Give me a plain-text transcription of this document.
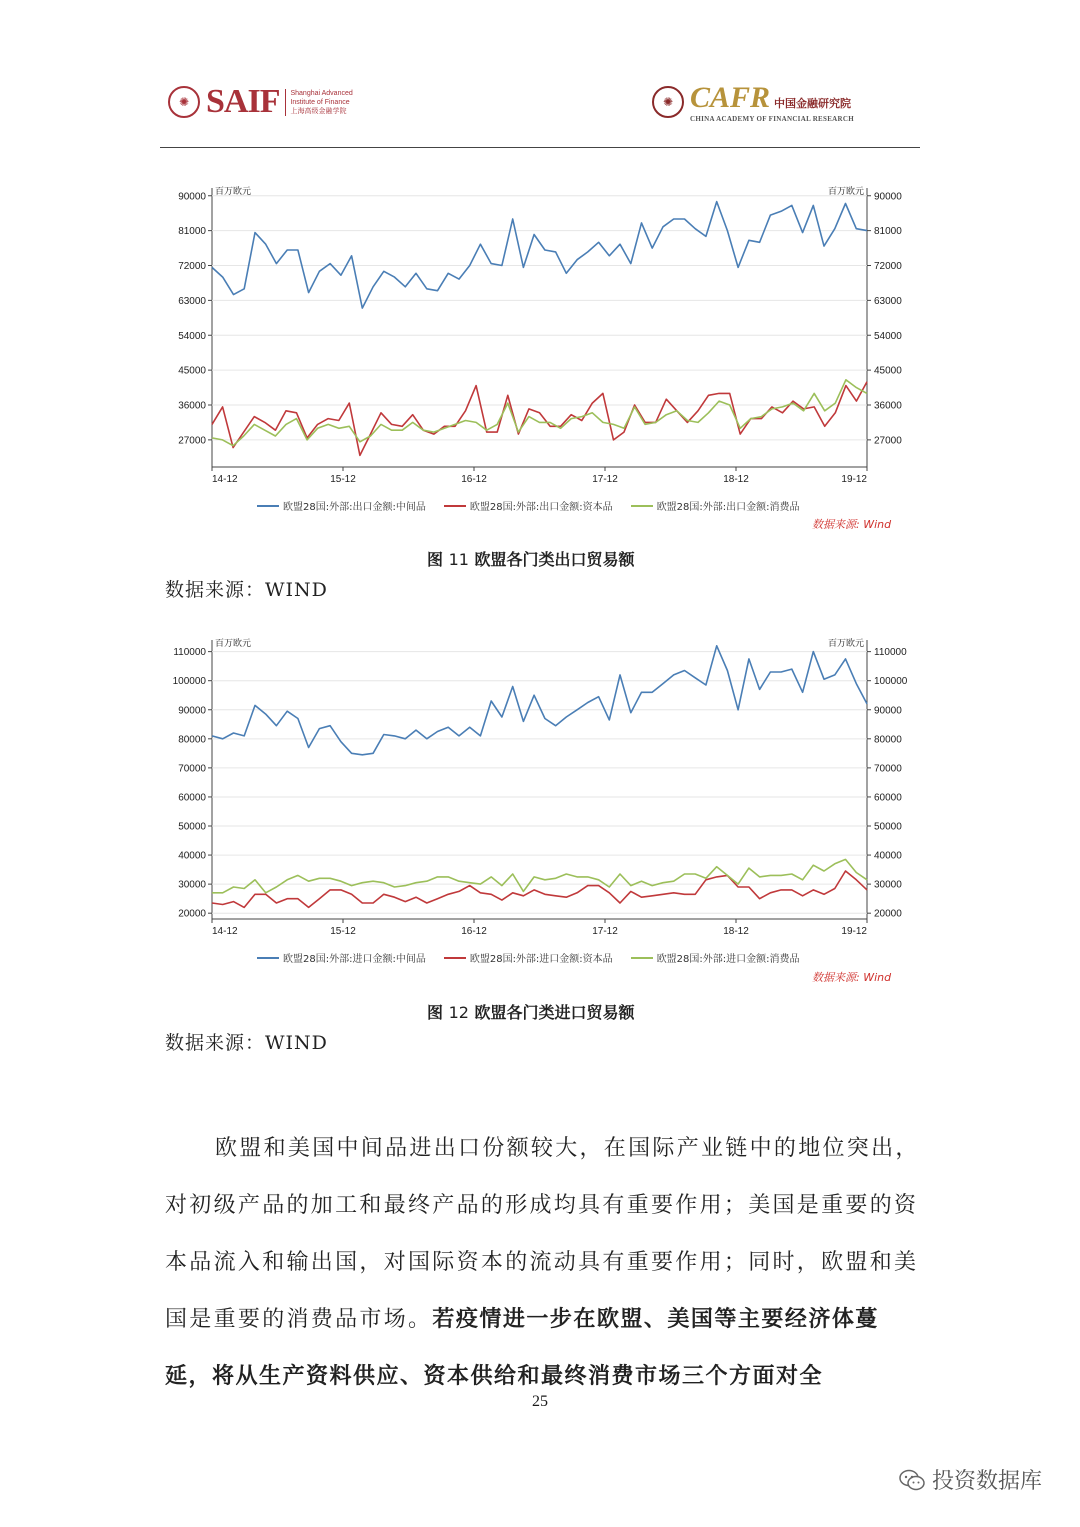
✺ SAIF Shanghai Advanced
Institute of Finance
上海高级金融学院
✺ CAFR 中国金融研究院
CHINA ACADEMY OF FINANCIAL RESEARCH
百万欧元	百万欧元
27000	27000
36000	36000
45000	45000
54000	54000
63000	63000
72000	72000
81000	81000
90000	90000
14-12	15-12	16-12	17-12	18-12	19-12
欧盟28国:外部:出口金额:中间品	欧盟28国:外部:出口金额:资本品	欧盟28国:外部:出口金额:消费品
数据来源: Wind
图 11 欧盟各门类出口贸易额
数据来源：WIND
百万欧元	百万欧元
20000	20000
30000	30000
40000	40000
50000	50000
60000	60000
70000	70000
80000	80000
90000	90000
100000	100000
110000	110000
14-12	15-12	16-12	17-12	18-12	19-12
欧盟28国:外部:进口金额:中间品	欧盟28国:外部:进口金额:资本品	欧盟28国:外部:进口金额:消费品
数据来源: Wind
图 12 欧盟各门类进口贸易额
数据来源：WIND
欧盟和美国中间品进出口份额较大，在国际产业链中的地位突出，对初级产品的加工和最终产品的形成均具有重要作用；美国是重要的资本品流入和输出国，对国际资本的流动具有重要作用；同时，欧盟和美国是重要的消费品市场。若疫情进一步在欧盟、美国等主要经济体蔓延，将从生产资料供应、资本供给和最终消费市场三个方面对全
25
投资数据库
